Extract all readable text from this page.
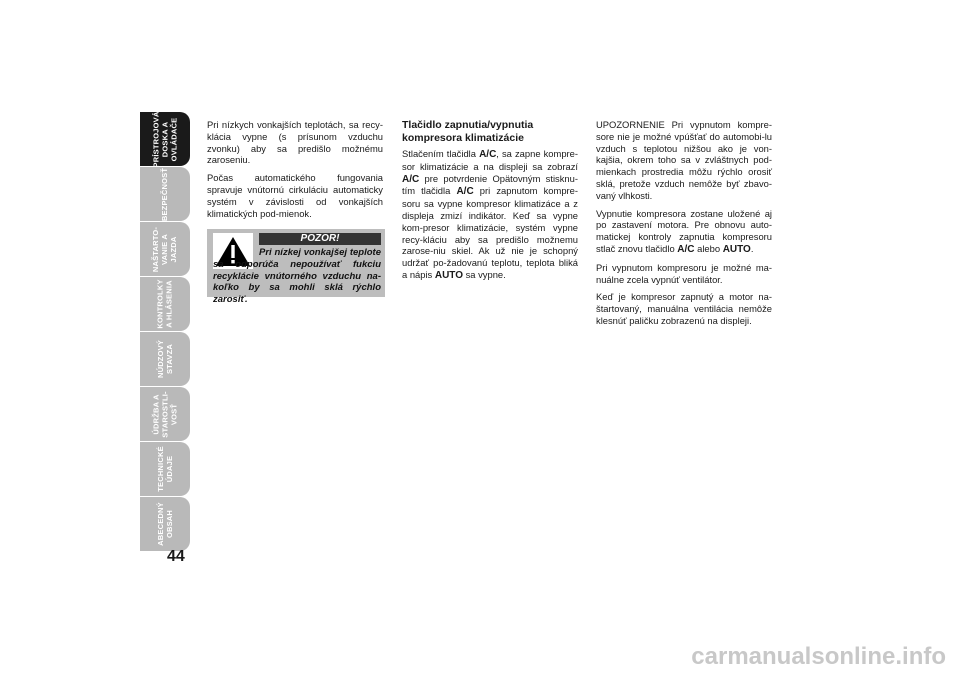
PRÍSTROJOVÁ
DOSKA A
OVLÁDAČE
BEZPEČNOSŤ
NAŠTARTO-
VANIE A
JAZDA
KONTROLKY
A HLÁSENIA
NÚDZOVÝ
STAVZA
ÚDRŽBA A
STAROSTLI-
VOSŤ
TECHNICKÉ
ÚDAJE
ABECEDNÝ
OBSAH
44

Pri nízkych vonkajších teplotách, sa recy-klácia vypne (s prísunom vzduchu zvonku) aby sa predišlo možnému zaroseniu.

Počas automatického fungovania spravuje vnútornú cirkuláciu automaticky systém v závislosti od vonkajších klimatických pod-mienok.

POZOR!
Pri nízkej vonkajšej teplote sa odporúča nepoužívať fukciu recyklácie vnútorného vzduchu na-koľko by sa mohli sklá rýchlo zarosiť.
Tlačidlo zapnutia/vypnutia kompresora klimatizácie

Stlačením tlačidla A/C, sa zapne kompre-sor klimatizácie a na displeji sa zobrazí A/C pre potvrdenie Opätovným stisknu-tím tlačidla A/C pri zapnutom kompre-soru sa vypne kompresor klimatizáce a z displeja zmizí indikátor. Keď sa vypne kom-presor klimatizácie, systém vypne recy-kláciu aby sa predišlo možnemu zarose-niu skiel. Ak už nie je schopný udržať po-žadovanú teplotu, teplota bliká a nápis AUTO sa vypne.

UPOZORNENIE Pri vypnutom kompre-sore nie je možné vpúšťať do automobi-lu vzduch s teplotou nižšou ako je von-kajšia, okrem toho sa v zvláštnych pod-mienkach prostredia môžu rýchlo orosiť sklá, pretože vzduch nemôže byť zbavo-vaný vlhkosti.

Vypnutie kompresora zostane uložené aj po zastavení motora. Pre obnovu auto-matickej kontroly zapnutia kompresoru stlač znovu tlačidlo A/C alebo AUTO.

Pri vypnutom kompresoru je možné ma-nuálne zcela vypnúť ventilátor.

Keď je kompresor zapnutý a motor na-štartovaný, manuálna ventilácia nemôže klesnúť paličku zobrazenú na displeji.

carmanualsonline.info
